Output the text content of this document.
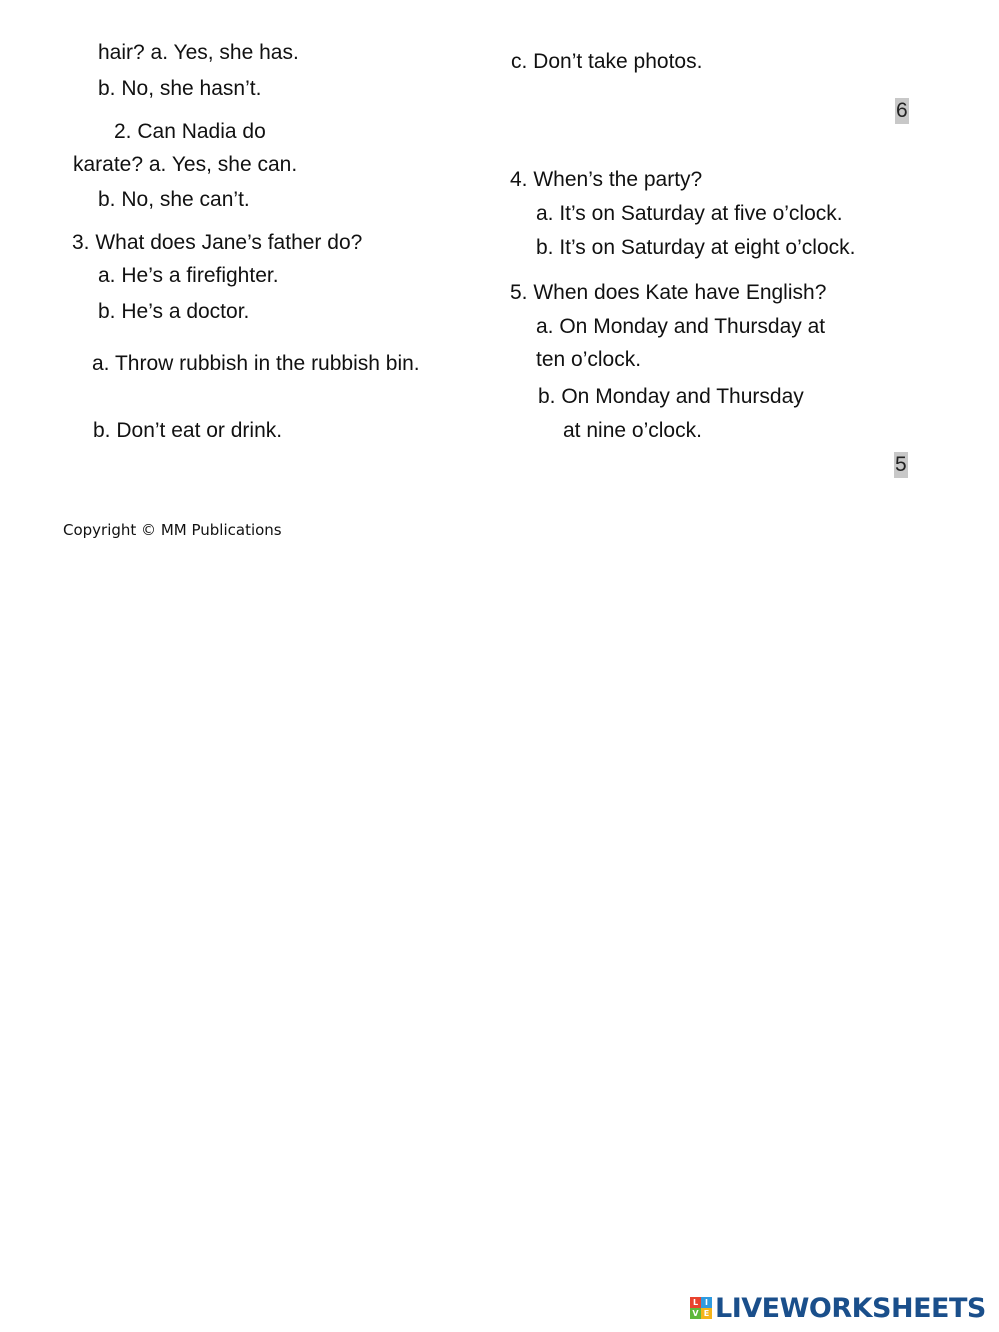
hair? a. Yes, she has.
b. No, she hasn’t.
2. Can Nadia do
karate? a. Yes, she can.
b. No, she can’t.
3. What does Jane’s father do?
a. He’s a firefighter.
b. He’s a doctor.
a. Throw rubbish in the rubbish bin.
b. Don’t eat or drink.
c. Don’t take photos.
6
4. When’s the party?
a. It’s on Saturday at five o’clock.
b. It’s on Saturday at eight o’clock.
5. When does Kate have English?
a. On Monday and Thursday at
ten o’clock.
b. On Monday and Thursday
at nine o’clock.
5
Copyright © MM Publications
L I
V E LIVEWORKSHEETS
